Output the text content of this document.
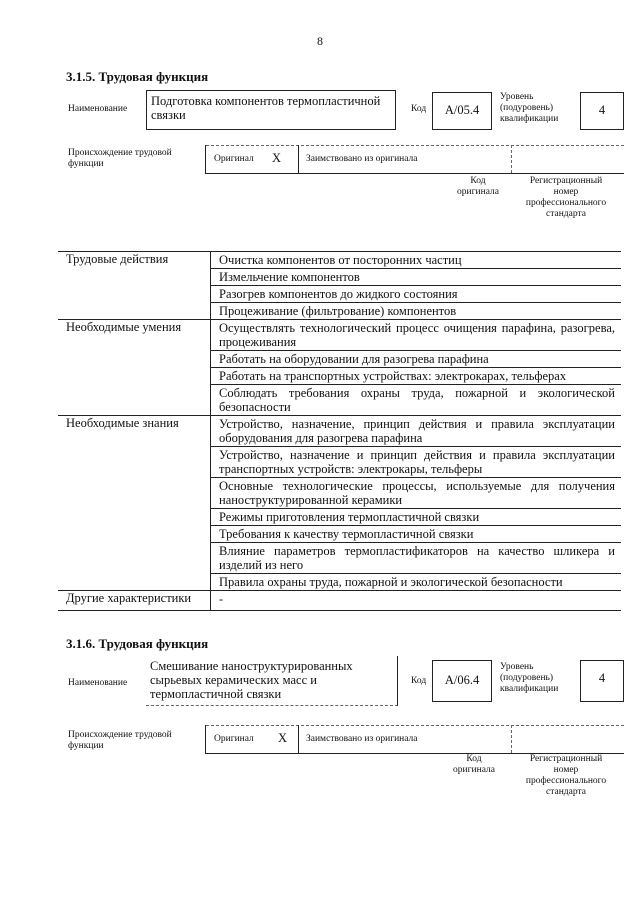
8
3.1.5. Трудовая функция
Наименование
Подготовка компонентов термопластичной связки	Код	А/05.4
Уровень (подуровень) квалификации
4
Происхождение трудовой функции	Оригинал X	Заимствовано из оригинала
Код оригинала
Регистрационный номер профессионального стандарта
Трудовые действия	Очистка компонентов от посторонних частиц
Измельчение компонентов
Разогрев компонентов до жидкого состояния
Процеживание (фильтрование) компонентов
Необходимые умения	Осуществлять технологический процесс очищения парафина, разогрева, процеживания
Работать на оборудовании для разогрева парафина
Работать на транспортных устройствах: электрокарах, тельферах
Соблюдать требования охраны труда, пожарной и экологической безопасности
Необходимые знания	Устройство, назначение, принцип действия и правила эксплуатации оборудования для разогрева парафина
Устройство, назначение и принцип действия и правила эксплуатации транспортных устройств: электрокары, тельферы
Основные технологические процессы, используемые для получения наноструктурированной керамики
Режимы приготовления термопластичной связки
Требования к качеству термопластичной связки
Влияние параметров термопластификаторов на качество шликера и изделий из него
Правила охраны труда, пожарной и экологической безопасности
Другие характеристики	-
3.1.6. Трудовая функция
Наименование
Смешивание наноструктурированных сырьевых керамических масс и термопластичной связки
Код	А/06.4
Уровень (подуровень) квалификации
4
Происхождение трудовой функции
Оригинал X Заимствовано из оригинала
Код оригинала
Регистрационный номер профессионального стандарта
